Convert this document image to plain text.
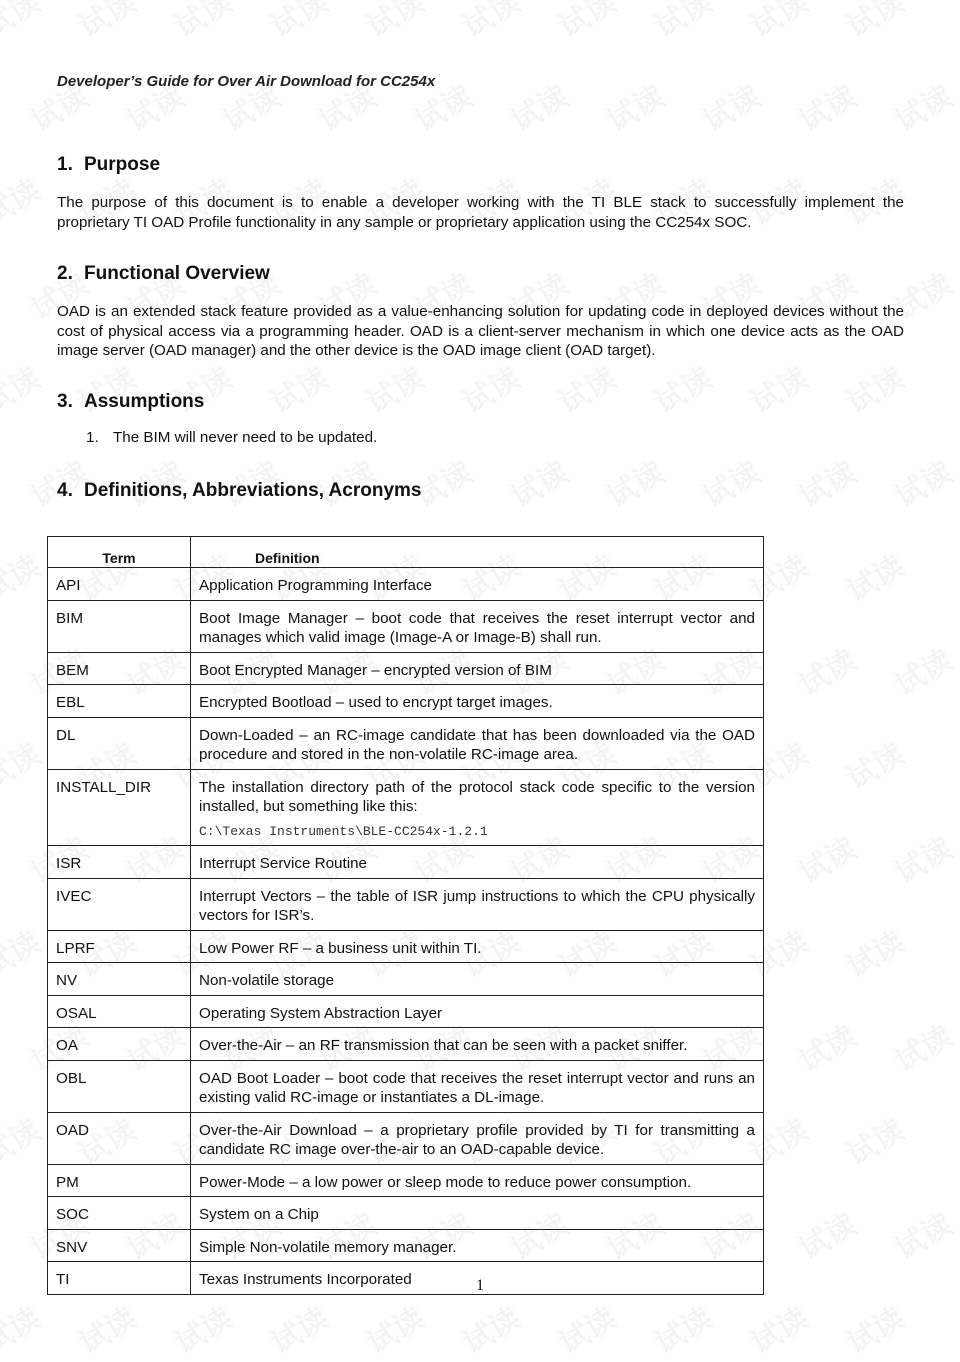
Developer’s Guide for Over Air Download for CC254x
1. Purpose
The purpose of this document is to enable a developer working with the TI BLE stack to successfully implement the proprietary TI OAD Profile functionality in any sample or proprietary application using the CC254x SOC.
2. Functional Overview
OAD is an extended stack feature provided as a value-enhancing solution for updating code in deployed devices without the cost of physical access via a programming header. OAD is a client-server mechanism in which one device acts as the OAD image server (OAD manager) and the other device is the OAD image client (OAD target).
3. Assumptions
1. The BIM will never need to be updated.
4. Definitions, Abbreviations, Acronyms
Term	Definition
API	Application Programming Interface
BIM	Boot Image Manager – boot code that receives the reset interrupt vector and manages which valid image (Image-A or Image-B) shall run.
BEM	Boot Encrypted Manager – encrypted version of BIM
EBL	Encrypted Bootload – used to encrypt target images.
DL	Down-Loaded – an RC-image candidate that has been downloaded via the OAD procedure and stored in the non-volatile RC-image area.
INSTALL_DIR	The installation directory path of the protocol stack code specific to the version installed, but something like this:
C:\Texas Instruments\BLE-CC254x-1.2.1

ISR	Interrupt Service Routine
IVEC	Interrupt Vectors – the table of ISR jump instructions to which the CPU physically vectors for ISR’s.
LPRF	Low Power RF – a business unit within TI.
NV	Non-volatile storage
OSAL	Operating System Abstraction Layer
OA	Over-the-Air – an RF transmission that can be seen with a packet sniffer.
OBL	OAD Boot Loader – boot code that receives the reset interrupt vector and runs an existing valid RC-image or instantiates a DL-image.
OAD	Over-the-Air Download – a proprietary profile provided by TI for transmitting a candidate RC image over-the-air to an OAD-capable device.
PM	Power-Mode – a low power or sleep mode to reduce power consumption.
SOC	System on a Chip
SNV	Simple Non-volatile memory manager.
TI	Texas Instruments Incorporated	1
